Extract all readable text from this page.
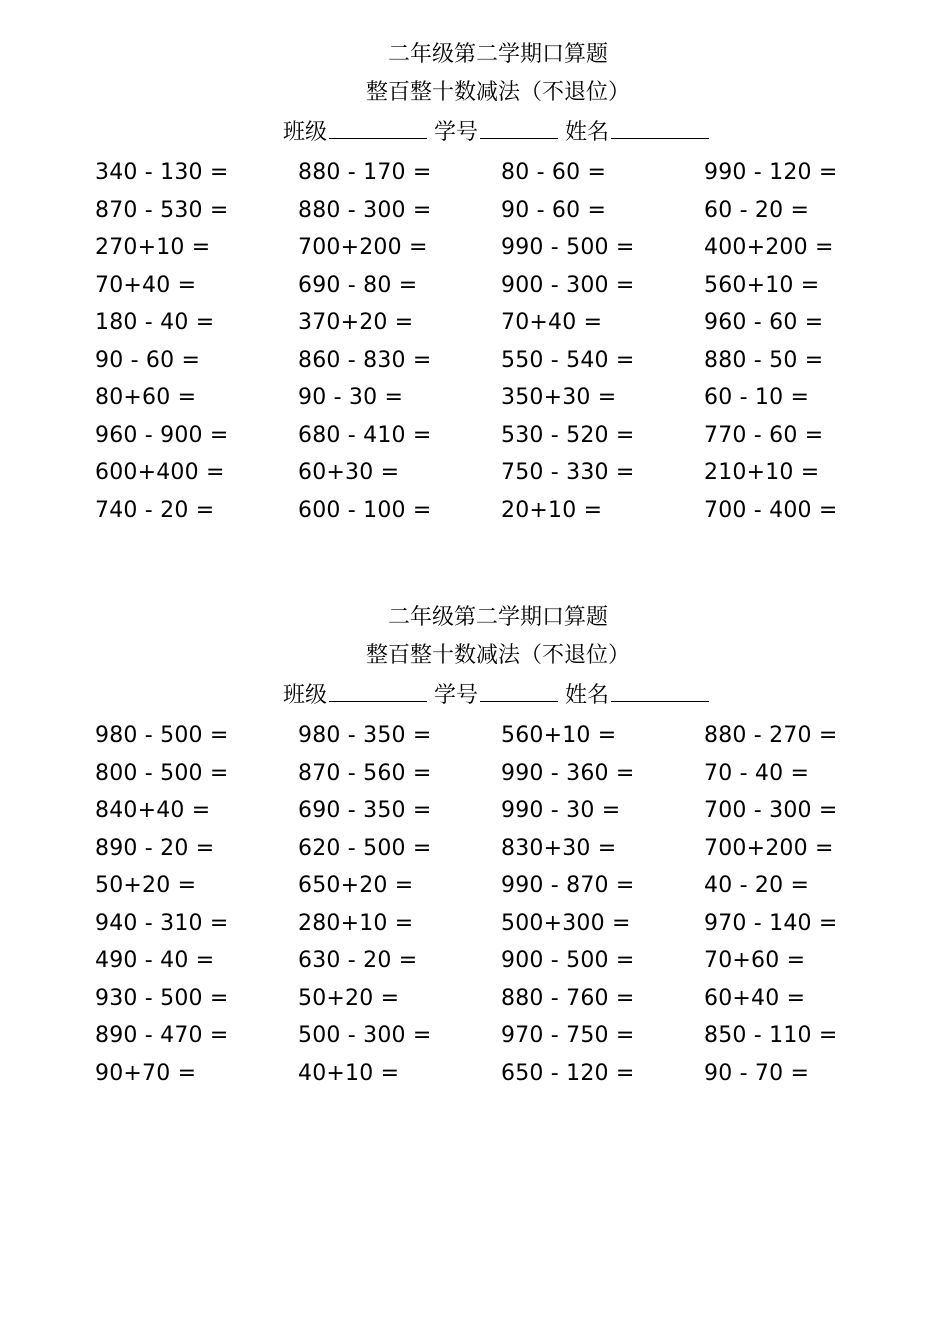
二年级第二学期口算题
整百整十数减法（不退位）
班级	学号	姓名
340 - 130 =	880 - 170 =	80 - 60 =	990 - 120 =
870 - 530 =	880 - 300 =	90 - 60 =	60 - 20 =
270+10 =	700+200 =	990 - 500 =	400+200 =
70+40 =	690 - 80 =	900 - 300 =	560+10 =
180 - 40 =	370+20 =	70+40 =	960 - 60 =
90 - 60 =	860 - 830 =	550 - 540 =	880 - 50 =
80+60 =	90 - 30 =	350+30 =	60 - 10 =
960 - 900 =	680 - 410 =	530 - 520 =	770 - 60 =
600+400 =	60+30 =	750 - 330 =	210+10 =
740 - 20 =	600 - 100 =	20+10 =	700 - 400 =
二年级第二学期口算题
整百整十数减法（不退位）
班级	学号	姓名
980 - 500 =	980 - 350 =	560+10 =	880 - 270 =
800 - 500 =	870 - 560 =	990 - 360 =	70 - 40 =
840+40 =	690 - 350 =	990 - 30 =	700 - 300 =
890 - 20 =	620 - 500 =	830+30 =	700+200 =
50+20 =	650+20 =	990 - 870 =	40 - 20 =
940 - 310 =	280+10 =	500+300 =	970 - 140 =
490 - 40 =	630 - 20 =	900 - 500 =	70+60 =
930 - 500 =	50+20 =	880 - 760 =	60+40 =
890 - 470 =	500 - 300 =	970 - 750 =	850 - 110 =
90+70 =	40+10 =	650 - 120 =	90 - 70 =
